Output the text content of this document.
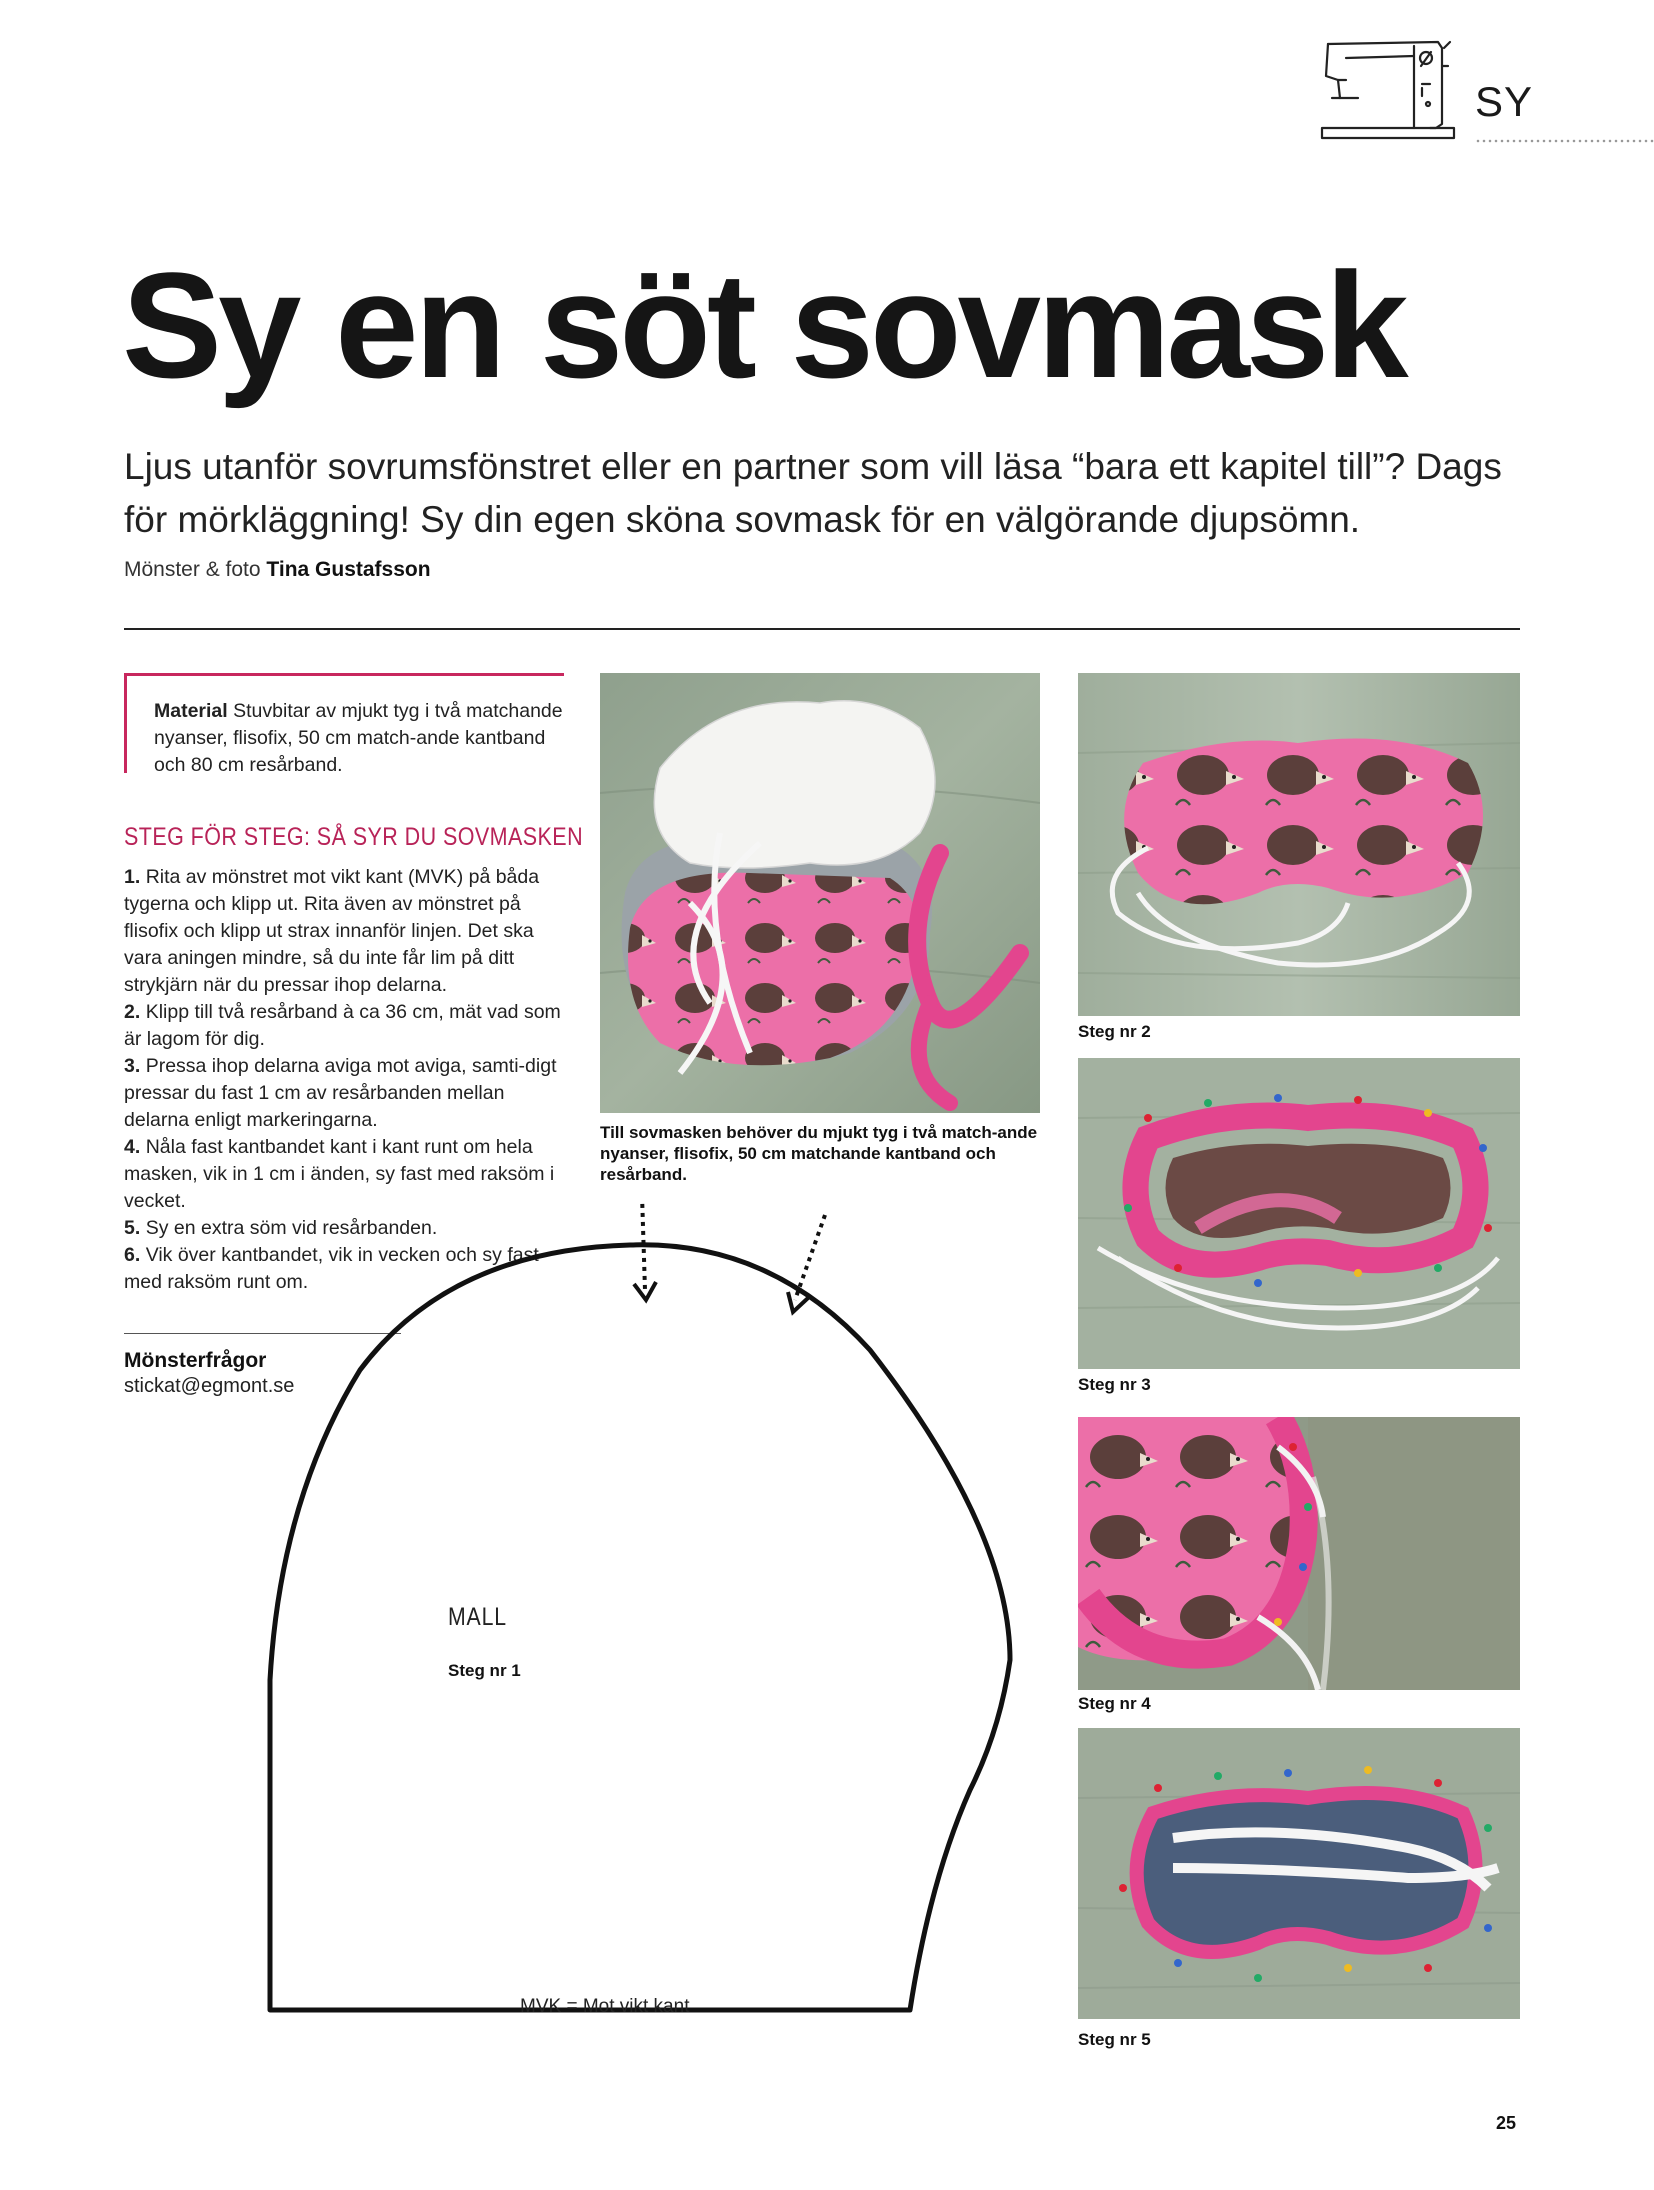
SY
Sy en söt sovmask

Ljus utanför sovrumsfönstret eller en partner som vill läsa “bara ett kapitel till”? Dags för mörkläggning! Sy din egen sköna sovmask för en välgörande djupsömn.

Mönster & foto Tina Gustafsson

Material Stuvbitar av mjukt tyg i två matchande nyanser, flisofix, 50 cm match-ande kantband och 80 cm resårband.

STEG FÖR STEG: SÅ SYR DU SOVMASKEN
1. Rita av mönstret mot vikt kant (MVK) på båda tygerna och klipp ut. Rita även av mönstret på flisofix och klipp ut strax innanför linjen. Det ska vara aningen mindre, så du inte får lim på ditt strykjärn när du pressar ihop delarna.
2. Klipp till två resårband à ca 36 cm, mät vad som är lagom för dig.
3. Pressa ihop delarna aviga mot aviga, samti-digt pressar du fast 1 cm av resårbanden mellan delarna enligt markeringarna.
4. Nåla fast kantbandet kant i kant runt om hela masken, vik in 1 cm i änden, sy fast med raksöm i vecket.
5. Sy en extra söm vid resårbanden.
6. Vik över kantbandet, vik in vecken och sy fast med raksöm runt om.
Mönsterfrågor
stickat@egmont.se

Till sovmasken behöver du mjukt tyg i två match-ande nyanser, flisofix, 50 cm matchande kantband och resårband.

Steg nr 2
Steg nr 3
Steg nr 4
Steg nr 5
MALL
Steg nr 1
MVK = Mot vikt kant
25
